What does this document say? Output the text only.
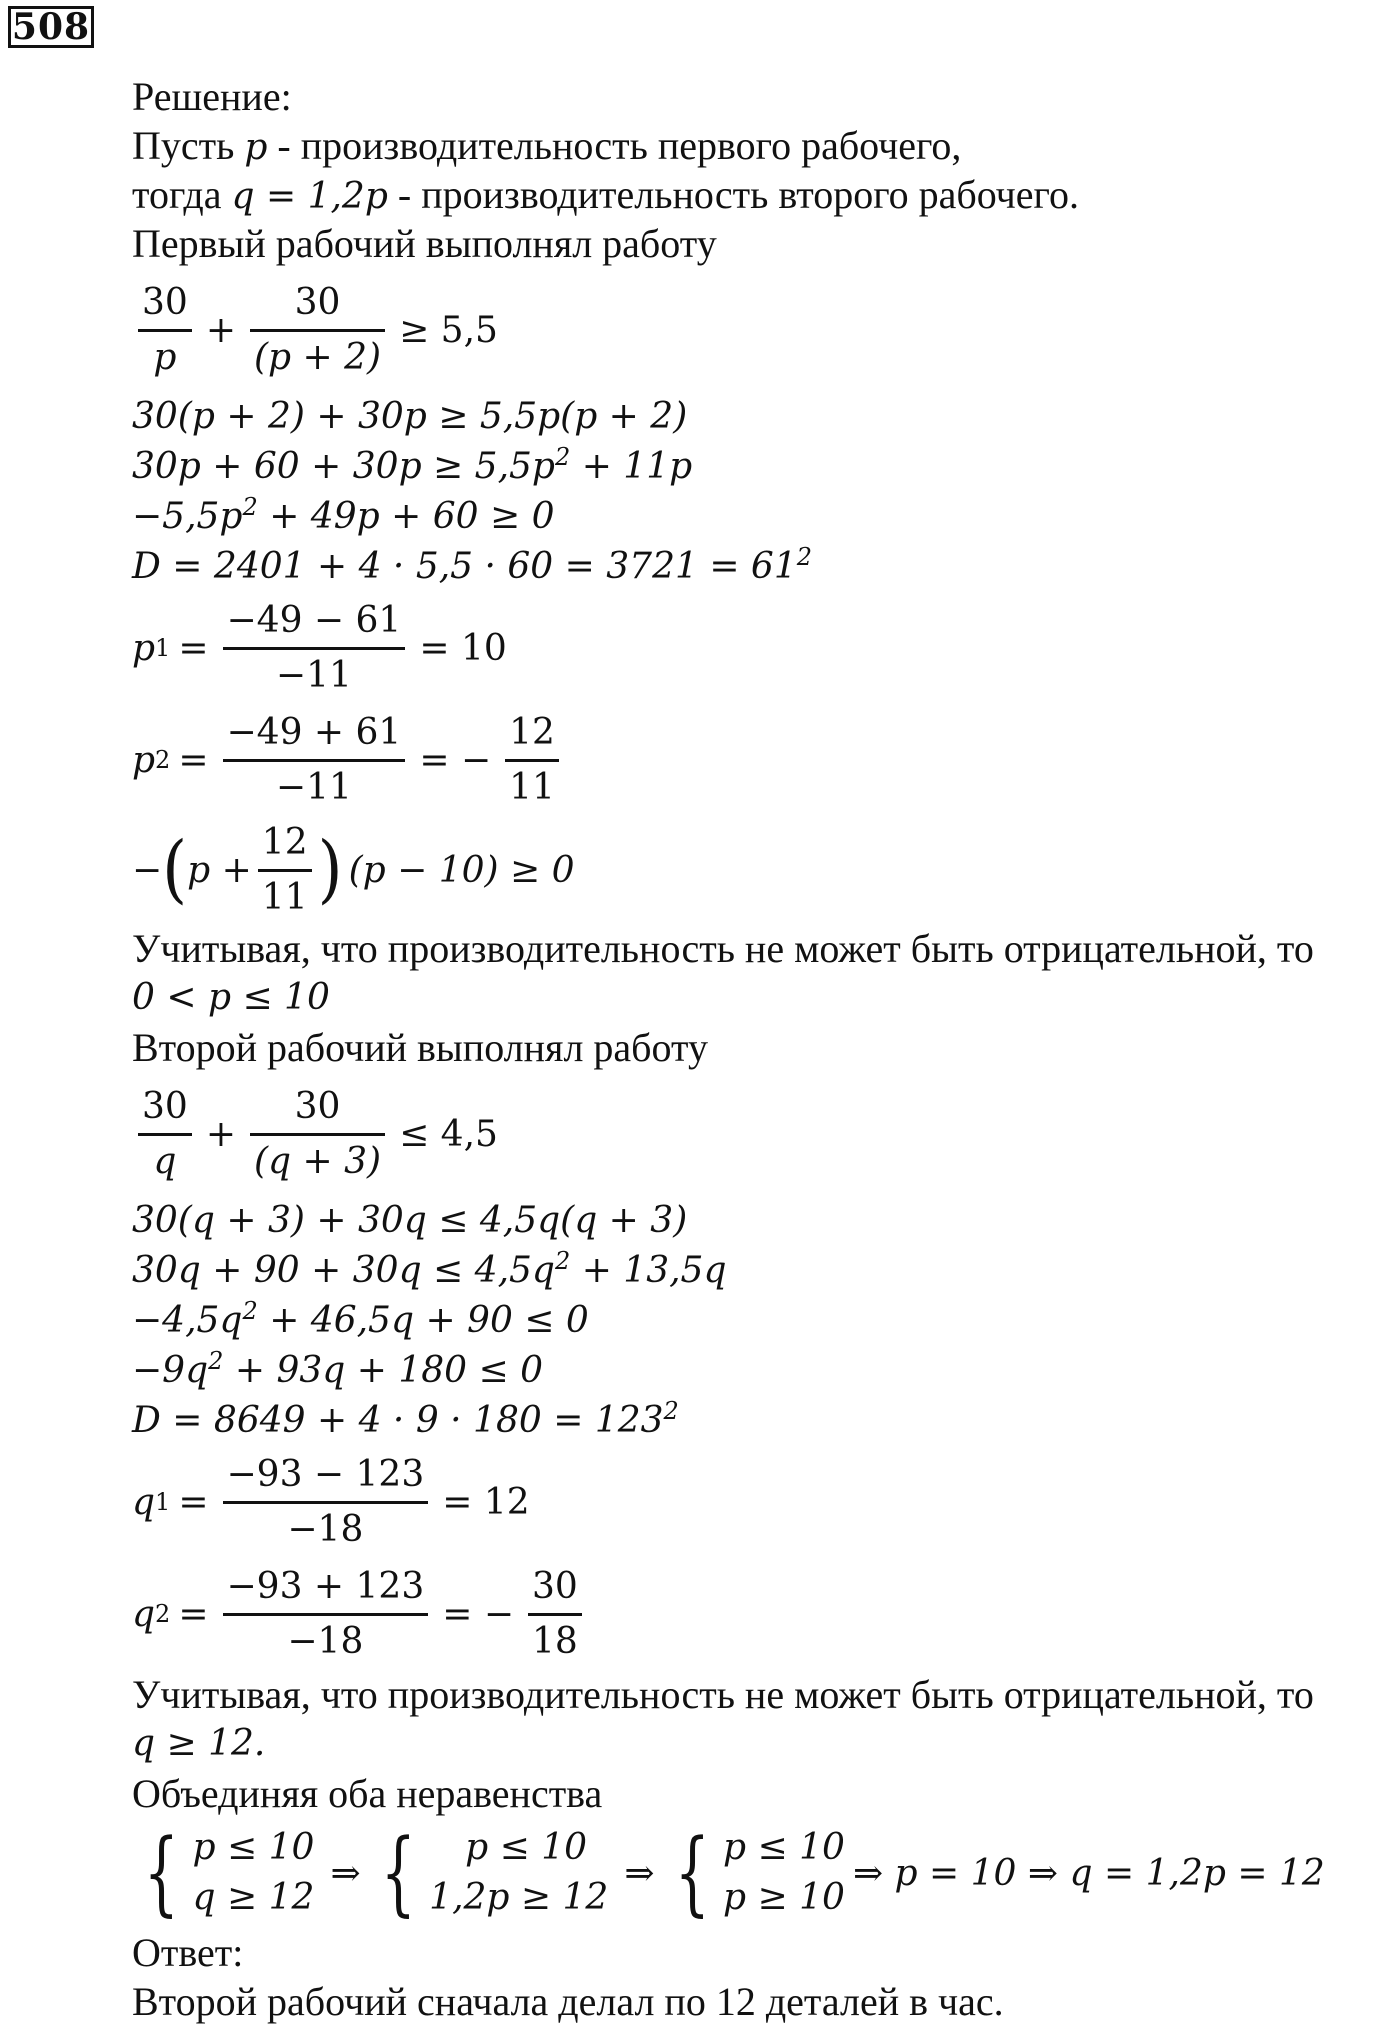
508
Решение:
Пусть p - производительность первого рабочего,
тогда q = 1,2p - производительность второго рабочего.
Первый рабочий выполнял работу
$\frac{30}{p} + \frac{30}{(p + 2)} \ge 5,5$
30(p + 2) + 30p ≥ 5,5p(p + 2)
$30p + 60 + 30p \ge 5,5p^2 + 11p$
$-5,5p^2 + 49p + 60 \ge 0$
$D = 2401 + 4 \cdot 5,5 \cdot 60 = 3721 = 61^2$
p $1 = \frac{-49 - 61}{-11} = 10$
p $2 = \frac{-49 + 61}{-11}$ = − $\frac{12}{11}$
− ( $p + \frac{12}{11}$ ) (p − 10) ≥ 0
Учитывая, что производительность не может быть отрицательной, то
0 < p ≤ 10
Второй рабочий выполнял работу
$\frac{30}{q} + \frac{30}{(q + 3)} \le 4,5$
30(q + 3) + 30q ≤ 4,5q(q + 3)
$30q + 90 + 30q \le 4,5q^2 + 13,5q$
$-4,5q^2 + 46,5q + 90 \le 0$
$-9q^2 + 93q + 180 \le 0$
$D = 8649 + 4 \cdot 9 \cdot 180 = 123^2$
q $1 = \frac{-93 - 123}{-18} = 12$
q $2 = \frac{-93 + 123}{-18}$ = − $\frac{30}{18}$
Учитывая, что производительность не может быть отрицательной, то
q ≥ 12.
Объединяя оба неравенства
{ p ≤ 10
q ≥ 12
⇒ {	p ≤ 10
1,2p ≥ 12
⇒ { p ≤ 10
p ≥ 10
⇒ p = 10 ⇒ q = 1,2p = 12
Ответ:
Второй рабочий сначала делал по 12 деталей в час.
